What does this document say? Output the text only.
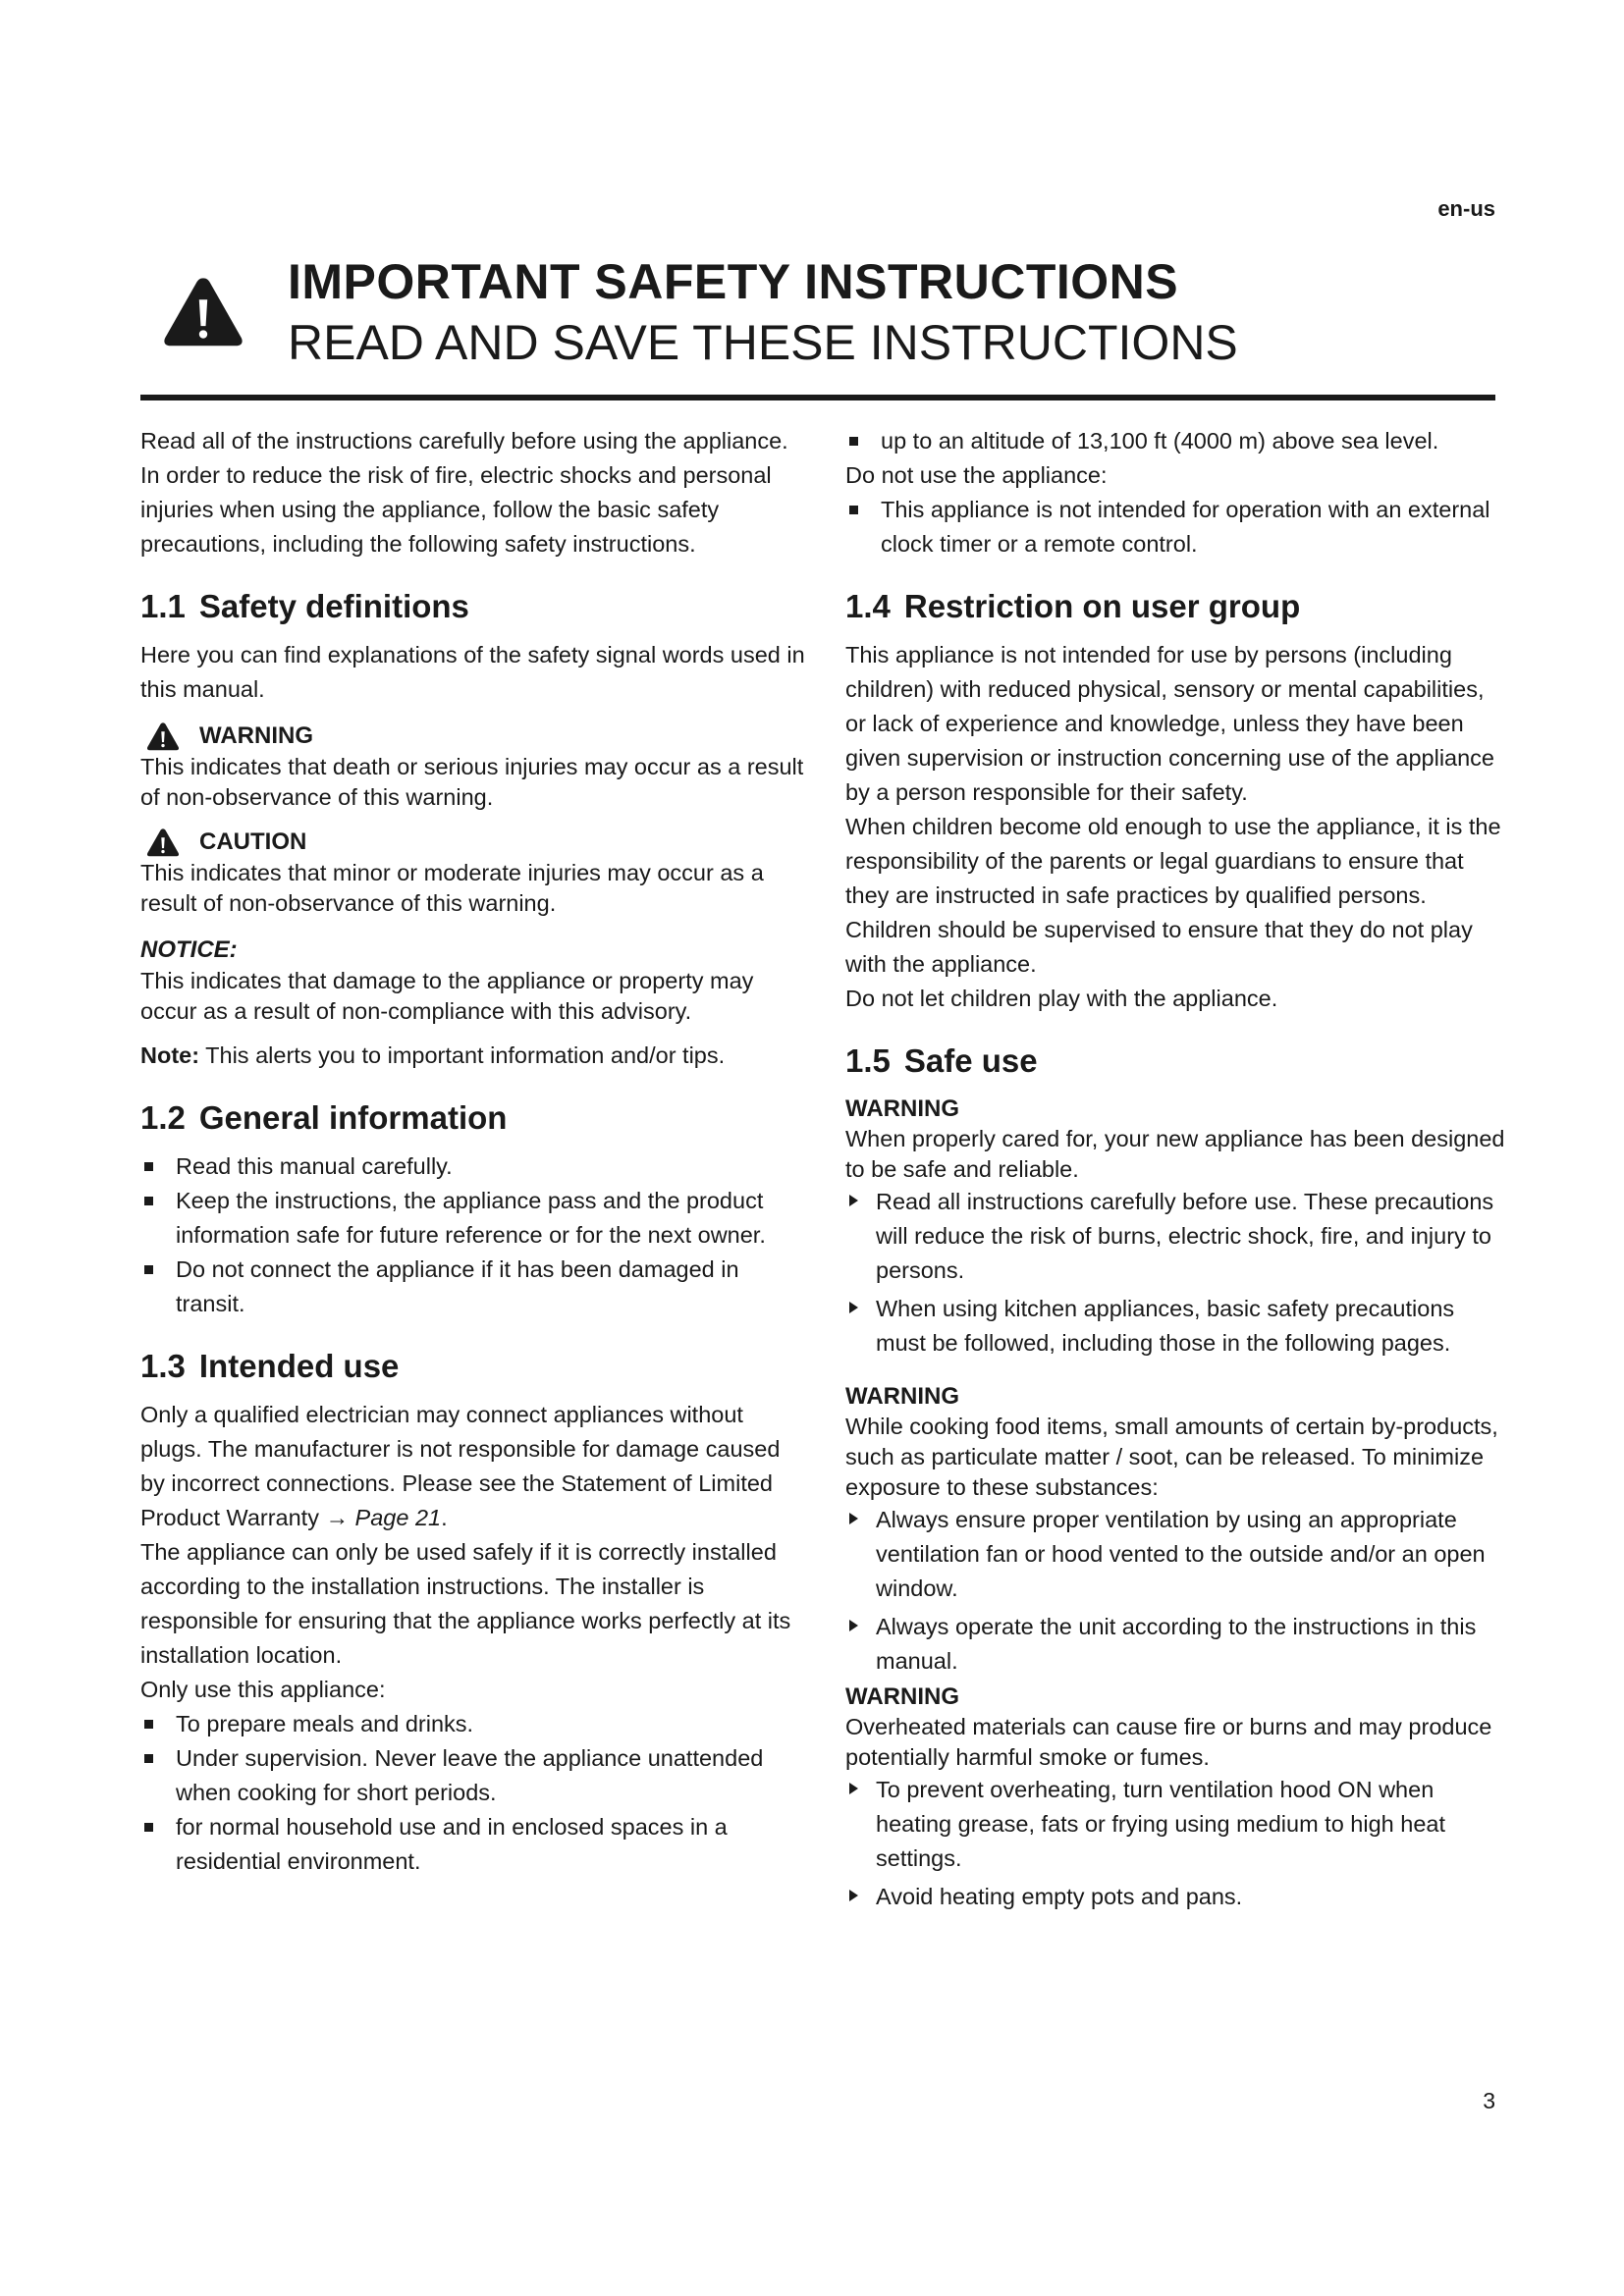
en-us
IMPORTANT SAFETY INSTRUCTIONS
READ AND SAVE THESE INSTRUCTIONS

Read all of the instructions carefully before using the appliance. In order to reduce the risk of fire, electric shocks and personal injuries when using the appliance, follow the basic safety precautions, including the following safety instructions.

1.1 Safety definitions

Here you can find explanations of the safety signal words used in this manual.

WARNING

This indicates that death or serious injuries may occur as a result of non-observance of this warning.

CAUTION

This indicates that minor or moderate injuries may occur as a result of non-observance of this warning.

NOTICE:

This indicates that damage to the appliance or property may occur as a result of non-compliance with this advisory.

Note: This alerts you to important information and/or tips.

1.2 General information
Read this manual carefully.
Keep the instructions, the appliance pass and the product information safe for future reference or for the next owner.
Do not connect the appliance if it has been damaged in transit.
1.3 Intended use

Only a qualified electrician may connect appliances without plugs. The manufacturer is not responsible for damage caused by incorrect connections. Please see the Statement of Limited Product Warranty → Page 21.

The appliance can only be used safely if it is correctly installed according to the installation instructions. The installer is responsible for ensuring that the appliance works perfectly at its installation location.

Only use this appliance:

To prepare meals and drinks.
Under supervision. Never leave the appliance unattended when cooking for short periods.
for normal household use and in enclosed spaces in a residential environment.
up to an altitude of 13,100 ft (4000 m) above sea level.

Do not use the appliance:

This appliance is not intended for operation with an external clock timer or a remote control.
1.4 Restriction on user group

This appliance is not intended for use by persons (including children) with reduced physical, sensory or mental capabilities, or lack of experience and knowledge, unless they have been given supervision or instruction concerning use of the appliance by a person responsible for their safety.

When children become old enough to use the appliance, it is the responsibility of the parents or legal guardians to ensure that they are instructed in safe practices by qualified persons.

Children should be supervised to ensure that they do not play with the appliance.

Do not let children play with the appliance.

1.5 Safe use
WARNING

When properly cared for, your new appliance has been designed to be safe and reliable.

Read all instructions carefully before use. These precautions will reduce the risk of burns, electric shock, fire, and injury to persons.
When using kitchen appliances, basic safety precautions must be followed, including those in the following pages.
WARNING

While cooking food items, small amounts of certain by-products, such as particulate matter / soot, can be released. To minimize exposure to these substances:

Always ensure proper ventilation by using an appropriate ventilation fan or hood vented to the outside and/or an open window.
Always operate the unit according to the instructions in this manual.
WARNING

Overheated materials can cause fire or burns and may produce potentially harmful smoke or fumes.

To prevent overheating, turn ventilation hood ON when heating grease, fats or frying using medium to high heat settings.
Avoid heating empty pots and pans.
3
